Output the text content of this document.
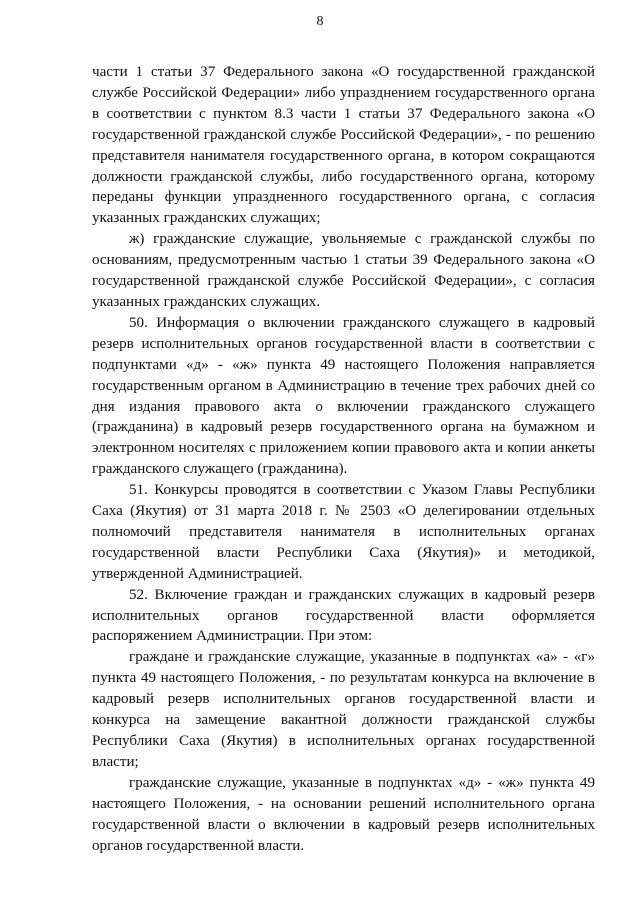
8

части 1 статьи 37 Федерального закона «О государственной гражданской службе Российской Федерации» либо упразднением государственного органа в соответствии с пунктом 8.3 части 1 статьи 37 Федерального закона «О государственной гражданской службе Российской Федерации», - по решению представителя нанимателя государственного органа, в котором сокращаются должности гражданской службы, либо государственного органа, которому переданы функции упраздненного государственного органа, с согласия указанных гражданских служащих;

ж) гражданские служащие, увольняемые с гражданской службы по основаниям, предусмотренным частью 1 статьи 39 Федерального закона «О государственной гражданской службе Российской Федерации», с согласия указанных гражданских служащих.

50. Информация о включении гражданского служащего в кадровый резерв исполнительных органов государственной власти в соответствии с подпунктами «д» - «ж» пункта 49 настоящего Положения направляется государственным органом в Администрацию в течение трех рабочих дней со дня издания правового акта о включении гражданского служащего (гражданина) в кадровый резерв государственного органа на бумажном и электронном носителях с приложением копии правового акта и копии анкеты гражданского служащего (гражданина).

51. Конкурсы проводятся в соответствии с Указом Главы Республики Саха (Якутия) от 31 марта 2018 г. № 2503 «О делегировании отдельных полномочий представителя нанимателя в исполнительных органах государственной власти Республики Саха (Якутия)» и методикой, утвержденной Администрацией.

52. Включение граждан и гражданских служащих в кадровый резерв исполнительных органов государственной власти оформляется распоряжением Администрации. При этом:

граждане и гражданские служащие, указанные в подпунктах «а» - «г» пункта 49 настоящего Положения, - по результатам конкурса на включение в кадровый резерв исполнительных органов государственной власти и конкурса на замещение вакантной должности гражданской службы Республики Саха (Якутия) в исполнительных органах государственной власти;

гражданские служащие, указанные в подпунктах «д» - «ж» пункта 49 настоящего Положения, - на основании решений исполнительного органа государственной власти о включении в кадровый резерв исполнительных органов государственной власти.
